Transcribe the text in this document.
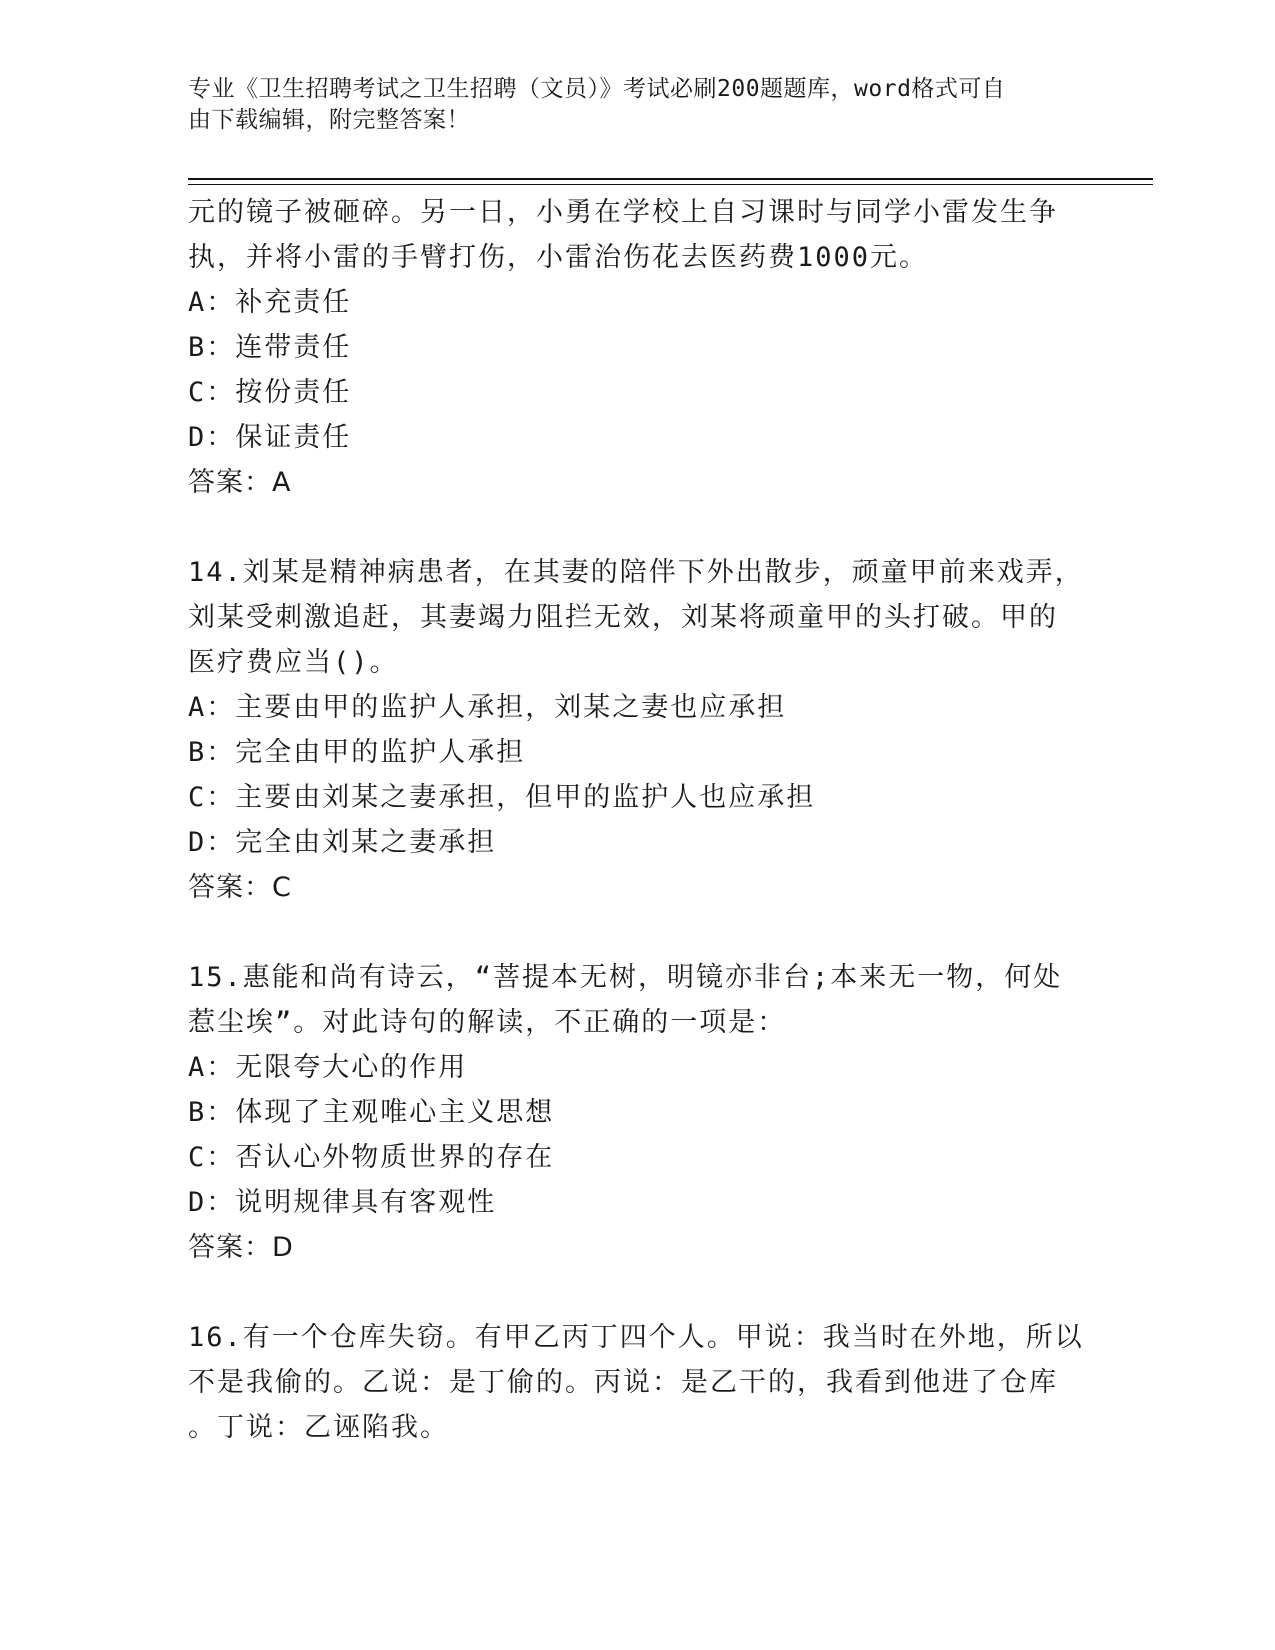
专业《卫生招聘考试之卫生招聘（文员）》考试必刷200题题库，word格式可自
由下载编辑，附完整答案！
元的镜子被砸碎。另一日，小勇在学校上自习课时与同学小雷发生争
执，并将小雷的手臂打伤，小雷治伤花去医药费1000元。
A：补充责任
B：连带责任
C：按份责任
D：保证责任
答案：A
14.刘某是精神病患者，在其妻的陪伴下外出散步，顽童甲前来戏弄，
刘某受刺激追赶，其妻竭力阻拦无效，刘某将顽童甲的头打破。甲的
医疗费应当()。
A：主要由甲的监护人承担，刘某之妻也应承担
B：完全由甲的监护人承担
C：主要由刘某之妻承担，但甲的监护人也应承担
D：完全由刘某之妻承担
答案：C
15.惠能和尚有诗云，“菩提本无树，明镜亦非台;本来无一物，何处
惹尘埃”。对此诗句的解读，不正确的一项是：
A：无限夸大心的作用
B：体现了主观唯心主义思想
C：否认心外物质世界的存在
D：说明规律具有客观性
答案：D
16.有一个仓库失窃。有甲乙丙丁四个人。甲说：我当时在外地，所以
不是我偷的。乙说：是丁偷的。丙说：是乙干的，我看到他进了仓库
。丁说：乙诬陷我。
